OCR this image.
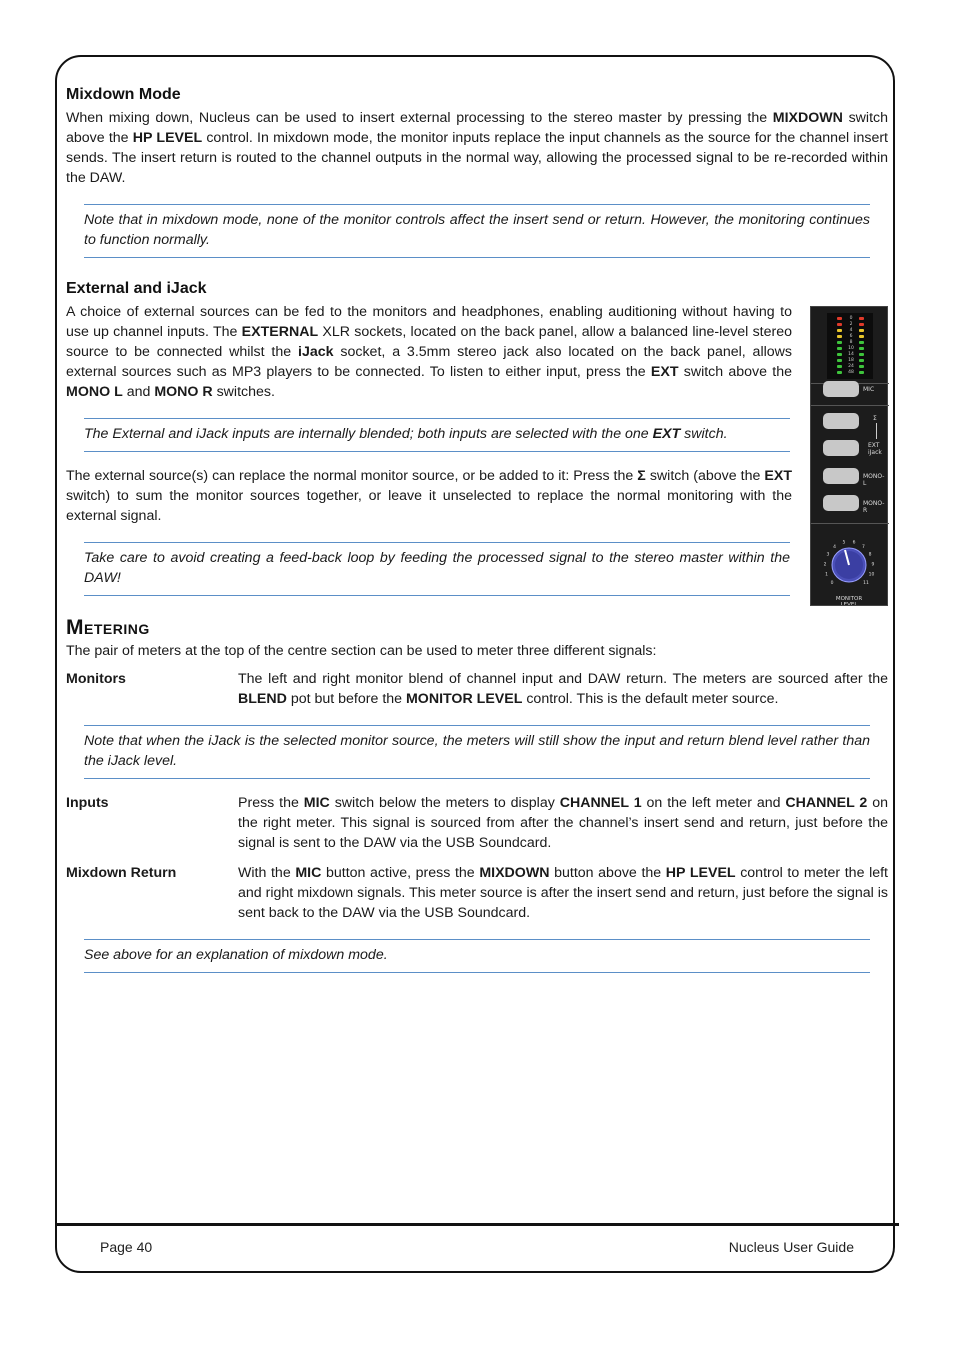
Page 40	Nucleus User Guide
Mixdown Mode

When mixing down, Nucleus can be used to insert external processing to the stereo master by pressing the MIXDOWN switch above the HP LEVEL control. In mixdown mode, the monitor inputs replace the input channels as the source for the channel insert sends. The insert return is routed to the channel outputs in the normal way, allowing the processed signal to be re-recorded within the DAW.

Note that in mixdown mode, none of the monitor controls affect the insert send or return. However, the monitoring continues to function normally.
External and iJack

A choice of external sources can be fed to the monitors and headphones, enabling auditioning without having to use up channel inputs. The EXTERNAL XLR sockets, located on the back panel, allow a balanced line-level stereo source to be connected whilst the iJack socket, a 3.5mm stereo jack also located on the back panel, allows external sources such as MP3 players to be connected. To listen to either input, press the EXT switch above the MONO L and MONO R switches.

The External and iJack inputs are internally blended; both inputs are selected with the one EXT switch.

The external source(s) can replace the normal monitor source, or be added to it: Press the Σ switch (above the EXT switch) to sum the monitor sources together, or leave it unselected to replace the normal monitoring with the external signal.

Take care to avoid creating a feed-back loop by feeding the processed signal to the stereo master within the DAW!
METERING

The pair of meters at the top of the centre section can be used to meter three different signals:

Monitors	The left and right monitor blend of channel input and DAW return. The meters are sourced after the BLEND pot but before the MONITOR LEVEL control. This is the default meter source.
Note that when the iJack is the selected monitor source, the meters will still show the input and return blend level rather than the iJack level.
Inputs	Press the MIC switch below the meters to display CHANNEL 1 on the left meter and CHANNEL 2 on the right meter. This signal is sourced from after the channel’s insert send and return, just before the signal is sent to the DAW via the USB Soundcard.
Mixdown Return	With the MIC button active, press the MIXDOWN button above the HP LEVEL control to meter the left and right mixdown signals. This meter source is after the insert send and return, just before the signal is sent back to the DAW via the USB Soundcard.
See above for an explanation of mixdown mode.
0
2
4
6
8
10
14
18
24
48
MIC
Σ
EXT iJack
MONO-L
MONO-R
0
1
2
3
4
5 6
7
8
9
10
11
MONITOR
LEVEL
